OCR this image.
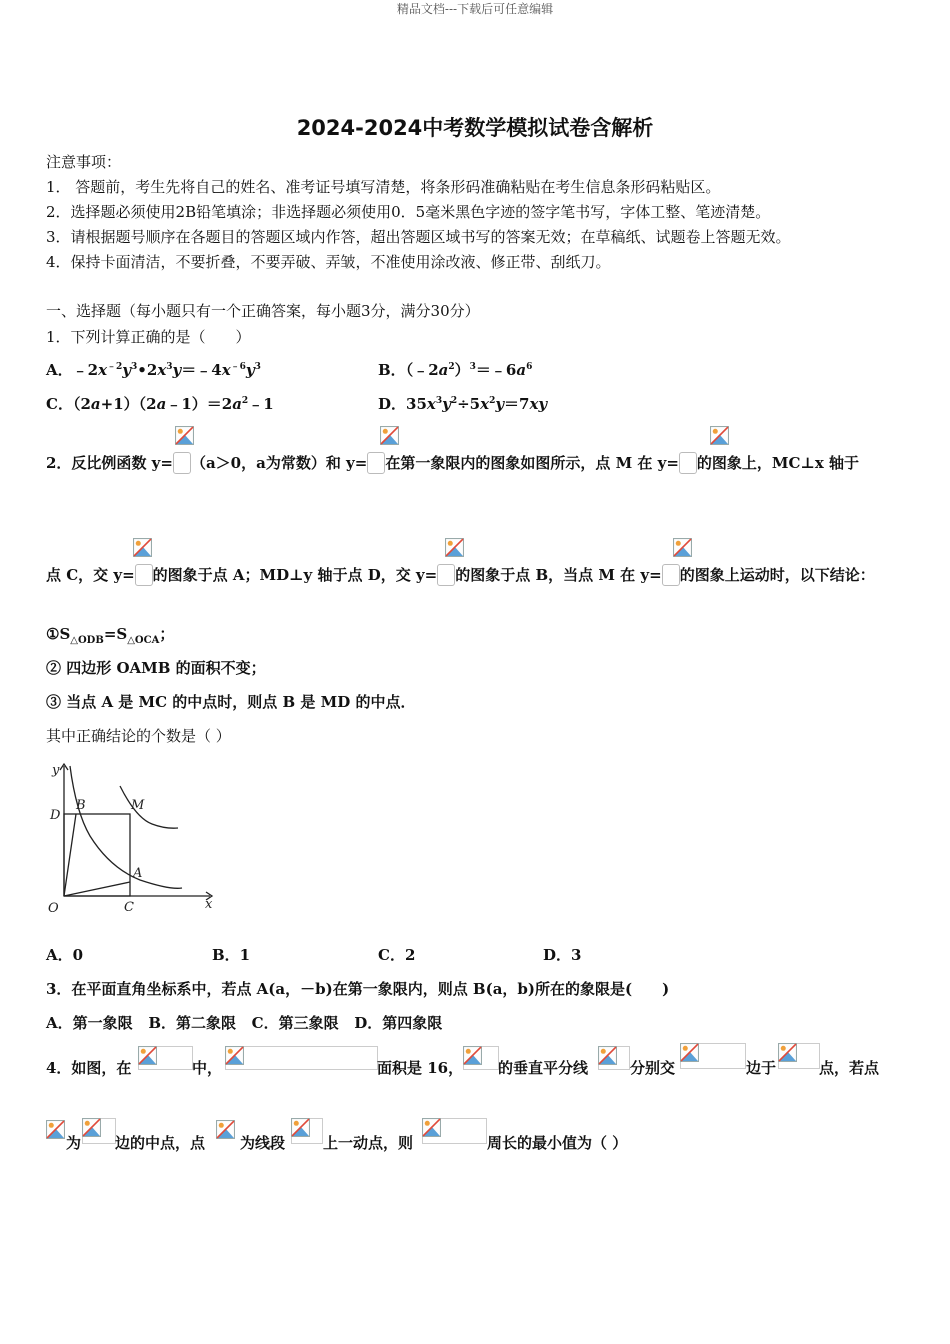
精品文档---下载后可任意编辑
2024-2024中考数学模拟试卷含解析
注意事项：
1． 答题前，考生先将自己的姓名、准考证号填写清楚，将条形码准确粘贴在考生信息条形码粘贴区。
2．选择题必须使用2B铅笔填涂；非选择题必须使用0．5毫米黑色字迹的签字笔书写，字体工整、笔迹清楚。
3．请根据题号顺序在各题目的答题区域内作答，超出答题区域书写的答案无效；在草稿纸、试题卷上答题无效。
4．保持卡面清洁，不要折叠，不要弄破、弄皱，不准使用涂改液、修正带、刮纸刀。
一、选择题（每小题只有一个正确答案，每小题3分，满分30分）
1．下列计算正确的是（　　）
A．$﹣2x^{﹣2}y^3•2x^3y=﹣4x^{﹣6}y^3$	B．$(﹣2a^2)^3=﹣6a^6$
C．$(2a+1)(2a﹣1)=2a^2﹣1$	D．$35x^3y^2\div 5x^2y=7xy$
2．反比例函数 y= （a＞0，a为常数）和 y= 在第一象限内的图象如图所示，点 M 在 y= 的图象上，MC⊥x 轴于
点 C，交 y= 的图象于点 A；MD⊥y 轴于点 D，交 y= 的图象于点 B，当点 M 在 y= 的图象上运动时，以下结论：
$①S_{\triangle ODB}=S_{\triangle OCA}$；
② 四边形 OAMB 的面积不变；
③ 当点 A 是 MC 的中点时，则点 B 是 MD 的中点．
其中正确结论的个数是（ ）
y
x
O	C
D
B	M
A
A．0	B．1	C．2	D．3
3．在平面直角坐标系中，若点 A(a，－b)在第一象限内，则点 B(a，b)所在的象限是(　　)
A．第一象限 B．第二象限 C．第三象限 D．第四象限
4．如图，在	中，	面积是 16， 的垂直平分线	分别交	边于	点，若点
为 边的中点，点 为线段	上一动点，则	周长的最小值为（ ）
